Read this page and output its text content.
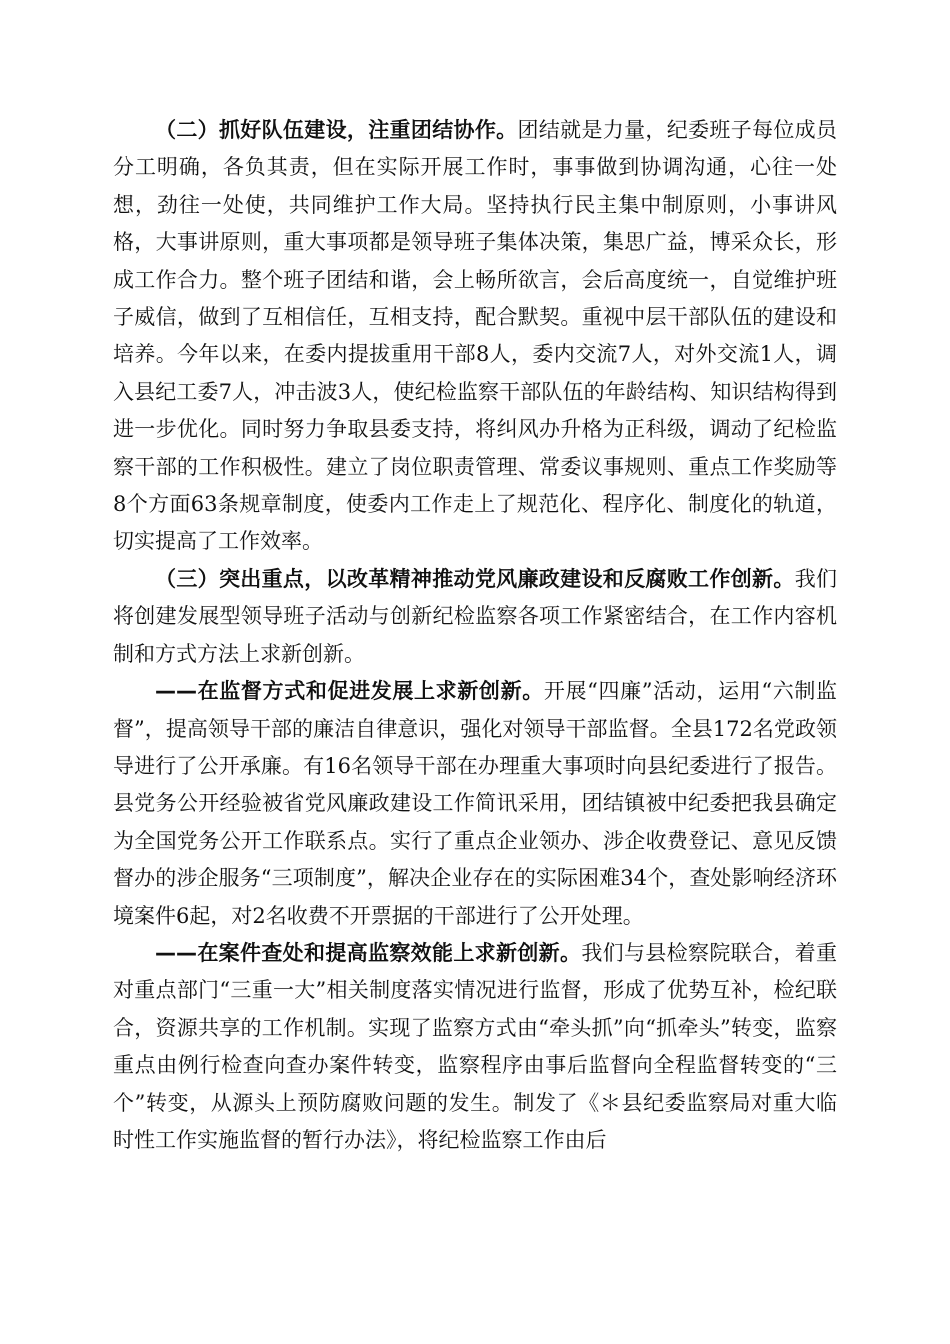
（二）抓好队伍建设，注重团结协作。团结就是力量，纪委班子每位成员分工明确，各负其责，但在实际开展工作时，事事做到协调沟通，心往一处想，劲往一处使，共同维护工作大局。坚持执行民主集中制原则，小事讲风格，大事讲原则，重大事项都是领导班子集体决策，集思广益，博采众长，形成工作合力。整个班子团结和谐，会上畅所欲言，会后高度统一，自觉维护班子威信，做到了互相信任，互相支持，配合默契。重视中层干部队伍的建设和培养。今年以来，在委内提拔重用干部8人，委内交流7人，对外交流1人，调入县纪工委7人，冲击波3人，使纪检监察干部队伍的年龄结构、知识结构得到进一步优化。同时努力争取县委支持，将纠风办升格为正科级，调动了纪检监察干部的工作积极性。建立了岗位职责管理、常委议事规则、重点工作奖励等8个方面63条规章制度，使委内工作走上了规范化、程序化、制度化的轨道，切实提高了工作效率。

（三）突出重点，以改革精神推动党风廉政建设和反腐败工作创新。我们将创建发展型领导班子活动与创新纪检监察各项工作紧密结合，在工作内容机制和方式方法上求新创新。

——在监督方式和促进发展上求新创新。开展“四廉”活动，运用“六制监督”，提高领导干部的廉洁自律意识，强化对领导干部监督。全县172名党政领导进行了公开承廉。有16名领导干部在办理重大事项时向县纪委进行了报告。县党务公开经验被省党风廉政建设工作简讯采用，团结镇被中纪委把我县确定为全国党务公开工作联系点。实行了重点企业领办、涉企收费登记、意见反馈督办的涉企服务“三项制度”，解决企业存在的实际困难34个，查处影响经济环境案件6起，对2名收费不开票据的干部进行了公开处理。

——在案件查处和提高监察效能上求新创新。我们与县检察院联合，着重对重点部门“三重一大”相关制度落实情况进行监督，形成了优势互补，检纪联合，资源共享的工作机制。实现了监察方式由“牵头抓”向“抓牵头”转变，监察重点由例行检查向查办案件转变，监察程序由事后监督向全程监督转变的“三个”转变，从源头上预防腐败问题的发生。制发了《＊县纪委监察局对重大临时性工作实施监督的暂行办法》，将纪检监察工作由后
